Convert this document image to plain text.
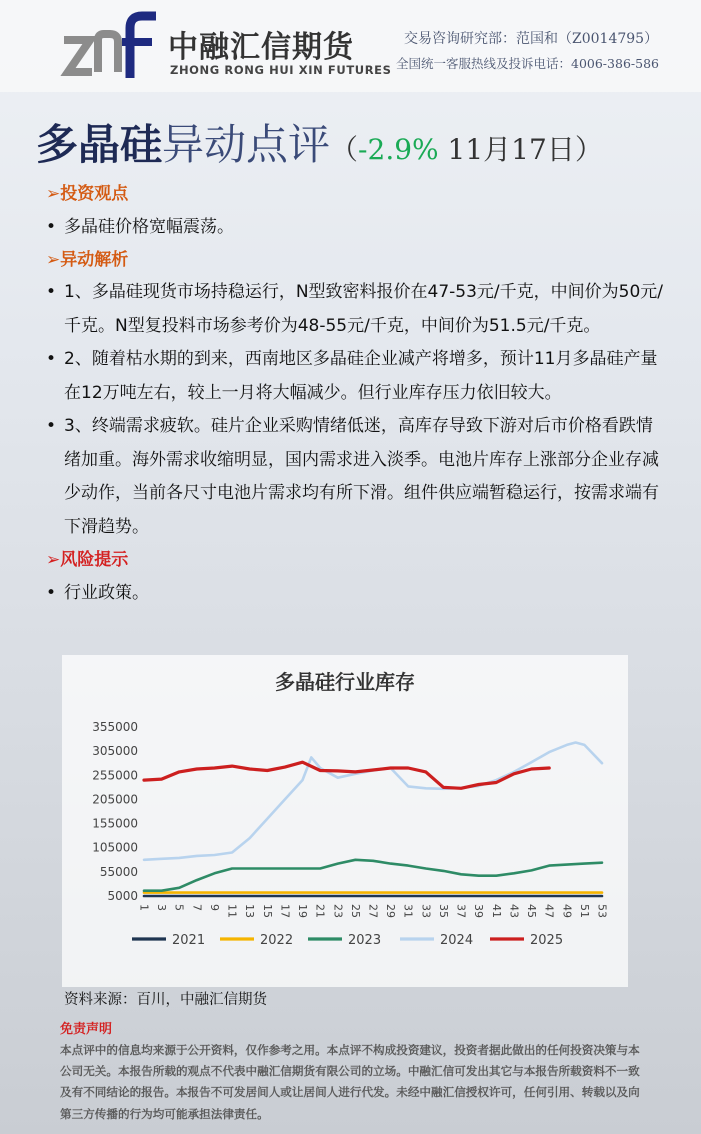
中融汇信期货
ZHONG RONG HUI XIN FUTURES
交易咨询研究部：范国和（Z0014795）
全国统一客服热线及投诉电话：4006-386-586
多晶硅异动点评（-2.9% 11月17日）
➢投资观点
• 多晶硅价格宽幅震荡。
➢异动解析
• 1、多晶硅现货市场持稳运行，N型致密料报价在47-53元/千克，中间价为50元/千克。N型复投料市场参考价为48-55元/千克，中间价为51.5元/千克。
• 2、随着枯水期的到来，西南地区多晶硅企业减产将增多，预计11月多晶硅产量在12万吨左右，较上一月将大幅减少。但行业库存压力依旧较大。
• 3、终端需求疲软。硅片企业采购情绪低迷，高库存导致下游对后市价格看跌情绪加重。海外需求收缩明显，国内需求进入淡季。电池片库存上涨部分企业存减少动作，当前各尺寸电池片需求均有所下滑。组件供应端暂稳运行，按需求端有下滑趋势。
➢风险提示
• 行业政策。
多晶硅行业库存
5000
55000
105000
155000
205000
255000
305000
355000
1 3 5 7 9 11 13 15 17 19 21 23 25 27 29 31 33 35 37 39 41 43 45 47 49 51 53
2021	2022	2023	2024	2025
资料来源：百川，中融汇信期货
免责声明
本点评中的信息均来源于公开资料，仅作参考之用。本点评不构成投资建议，投资者据此做出的任何投资决策与本公司无关。本报告所载的观点不代表中融汇信期货有限公司的立场。中融汇信可发出其它与本报告所载资料不一致及有不同结论的报告。本报告不可发居间人或让居间人进行代发。未经中融汇信授权许可，任何引用、转载以及向第三方传播的行为均可能承担法律责任。
